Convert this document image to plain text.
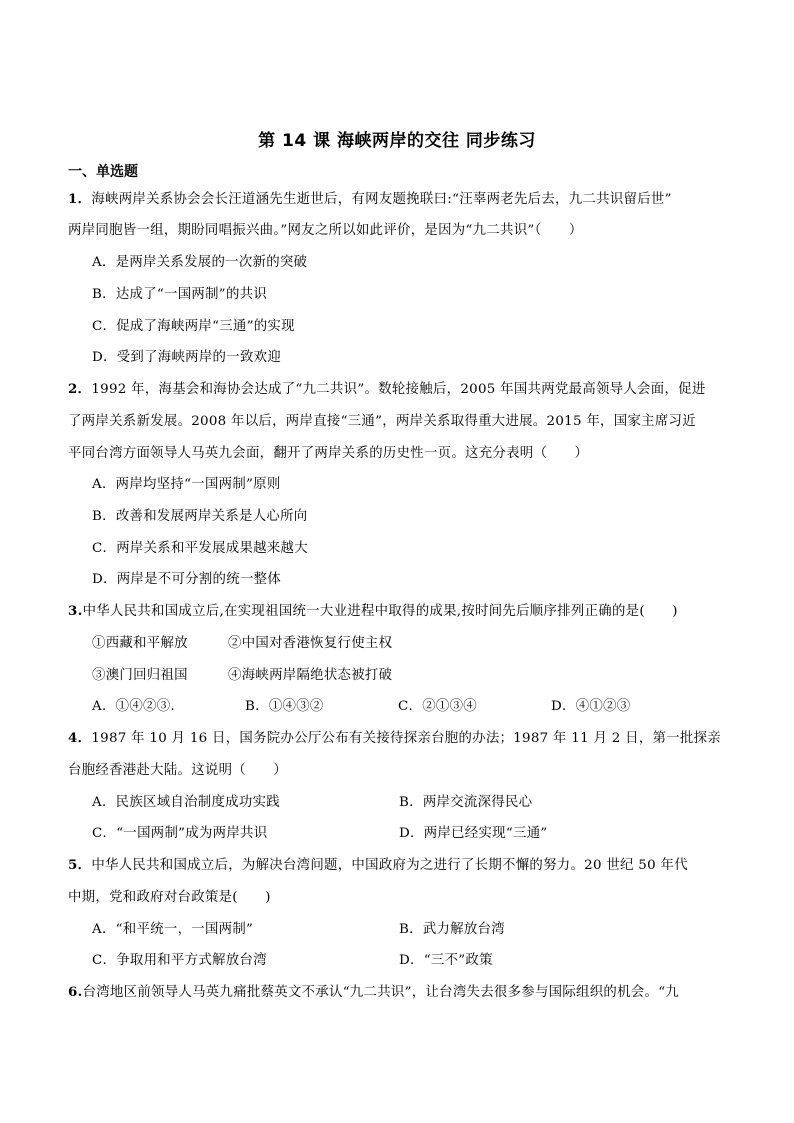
第 14 课 海峡两岸的交往 同步练习
一、单选题
1．海峡两岸关系协会会长汪道涵先生逝世后，有网友题挽联曰:“汪辜两老先后去，九二共识留后世”
两岸同胞皆一组，期盼同唱振兴曲。”网友之所以如此评价，是因为“九二共识”（　　）
A．是两岸关系发展的一次新的突破
B．达成了“一国两制”的共识
C．促成了海峡两岸“三通”的实现
D．受到了海峡两岸的一致欢迎
2．1992 年，海基会和海协会达成了“九二共识”。数轮接触后，2005 年国共两党最高领导人会面，促进
了两岸关系新发展。2008 年以后，两岸直接“三通”，两岸关系取得重大进展。2015 年，国家主席习近
平同台湾方面领导人马英九会面，翻开了两岸关系的历史性一页。这充分表明（　　）
A．两岸均坚持“一国两制”原则
B．改善和发展两岸关系是人心所向
C．两岸关系和平发展成果越来越大
D．两岸是不可分割的统一整体
3.中华人民共和国成立后,在实现祖国统一大业进程中取得的成果,按时间先后顺序排列正确的是(　　)
①西藏和平解放	②中国对香港恢复行使主权
③澳门回归祖国	④海峡两岸隔绝状态被打破
A．①④②③.	B．①④③②	C．②①③④	D．④①②③
4．1987 年 10 月 16 日，国务院办公厅公布有关接待探亲台胞的办法；1987 年 11 月 2 日，第一批探亲
台胞经香港赴大陆。这说明（　　）
A．民族区域自治制度成功实践	B．两岸交流深得民心
C．“一国两制”成为两岸共识	D．两岸已经实现“三通”
5．中华人民共和国成立后，为解决台湾问题，中国政府为之进行了长期不懈的努力。20 世纪 50 年代
中期，党和政府对台政策是(　　)
A．“和平统一，一国两制”	B．武力解放台湾
C．争取用和平方式解放台湾	D．“三不”政策
6.台湾地区前领导人马英九痛批蔡英文不承认“九二共识”，让台湾失去很多参与国际组织的机会。“九
